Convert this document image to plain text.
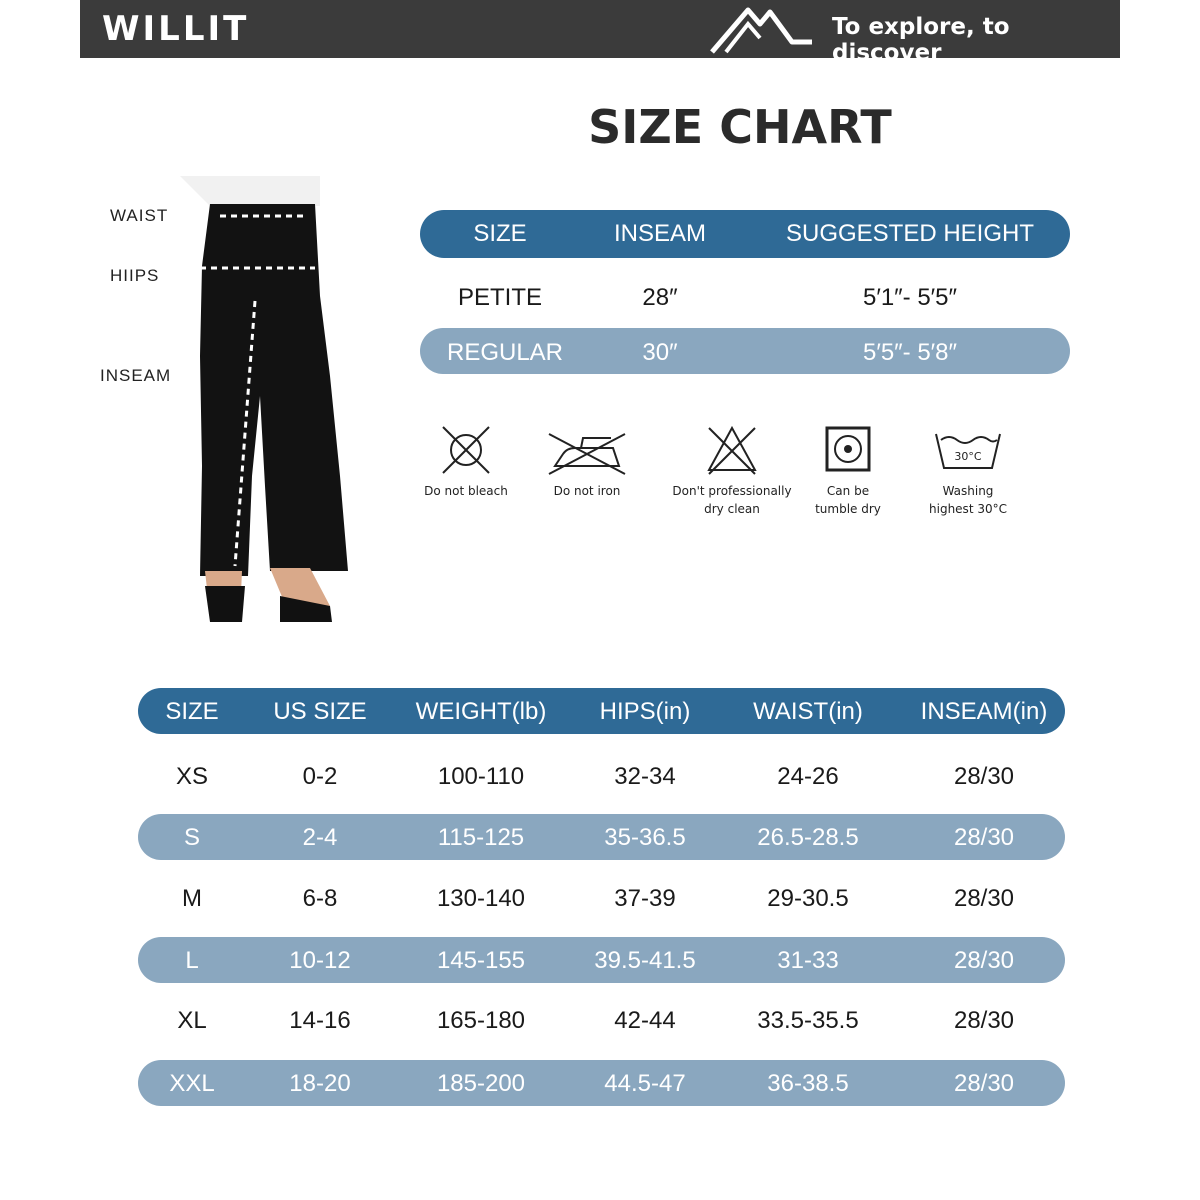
WILLIT	To explore, to discover
SIZE CHART
WAIST
HIIPS
INSEAM
SIZE	INSEAM	SUGGESTED HEIGHT
PETITE	28″	5′1″- 5′5″
REGULAR	30″	5′5″- 5′8″
Do not bleach	Do not iron	Don't professionally
dry clean
Can be
tumble dry
30°C
Washing
highest 30°C
SIZE	US SIZE	WEIGHT(lb)	HIPS(in)	WAIST(in)	INSEAM(in)
XS	0-2	100-110	32-34	24-26	28/30
S	2-4	115-125	35-36.5	26.5-28.5	28/30
M	6-8	130-140	37-39	29-30.5	28/30
L	10-12	145-155	39.5-41.5	31-33	28/30
XL	14-16	165-180	42-44	33.5-35.5	28/30
XXL	18-20	185-200	44.5-47	36-38.5	28/30
